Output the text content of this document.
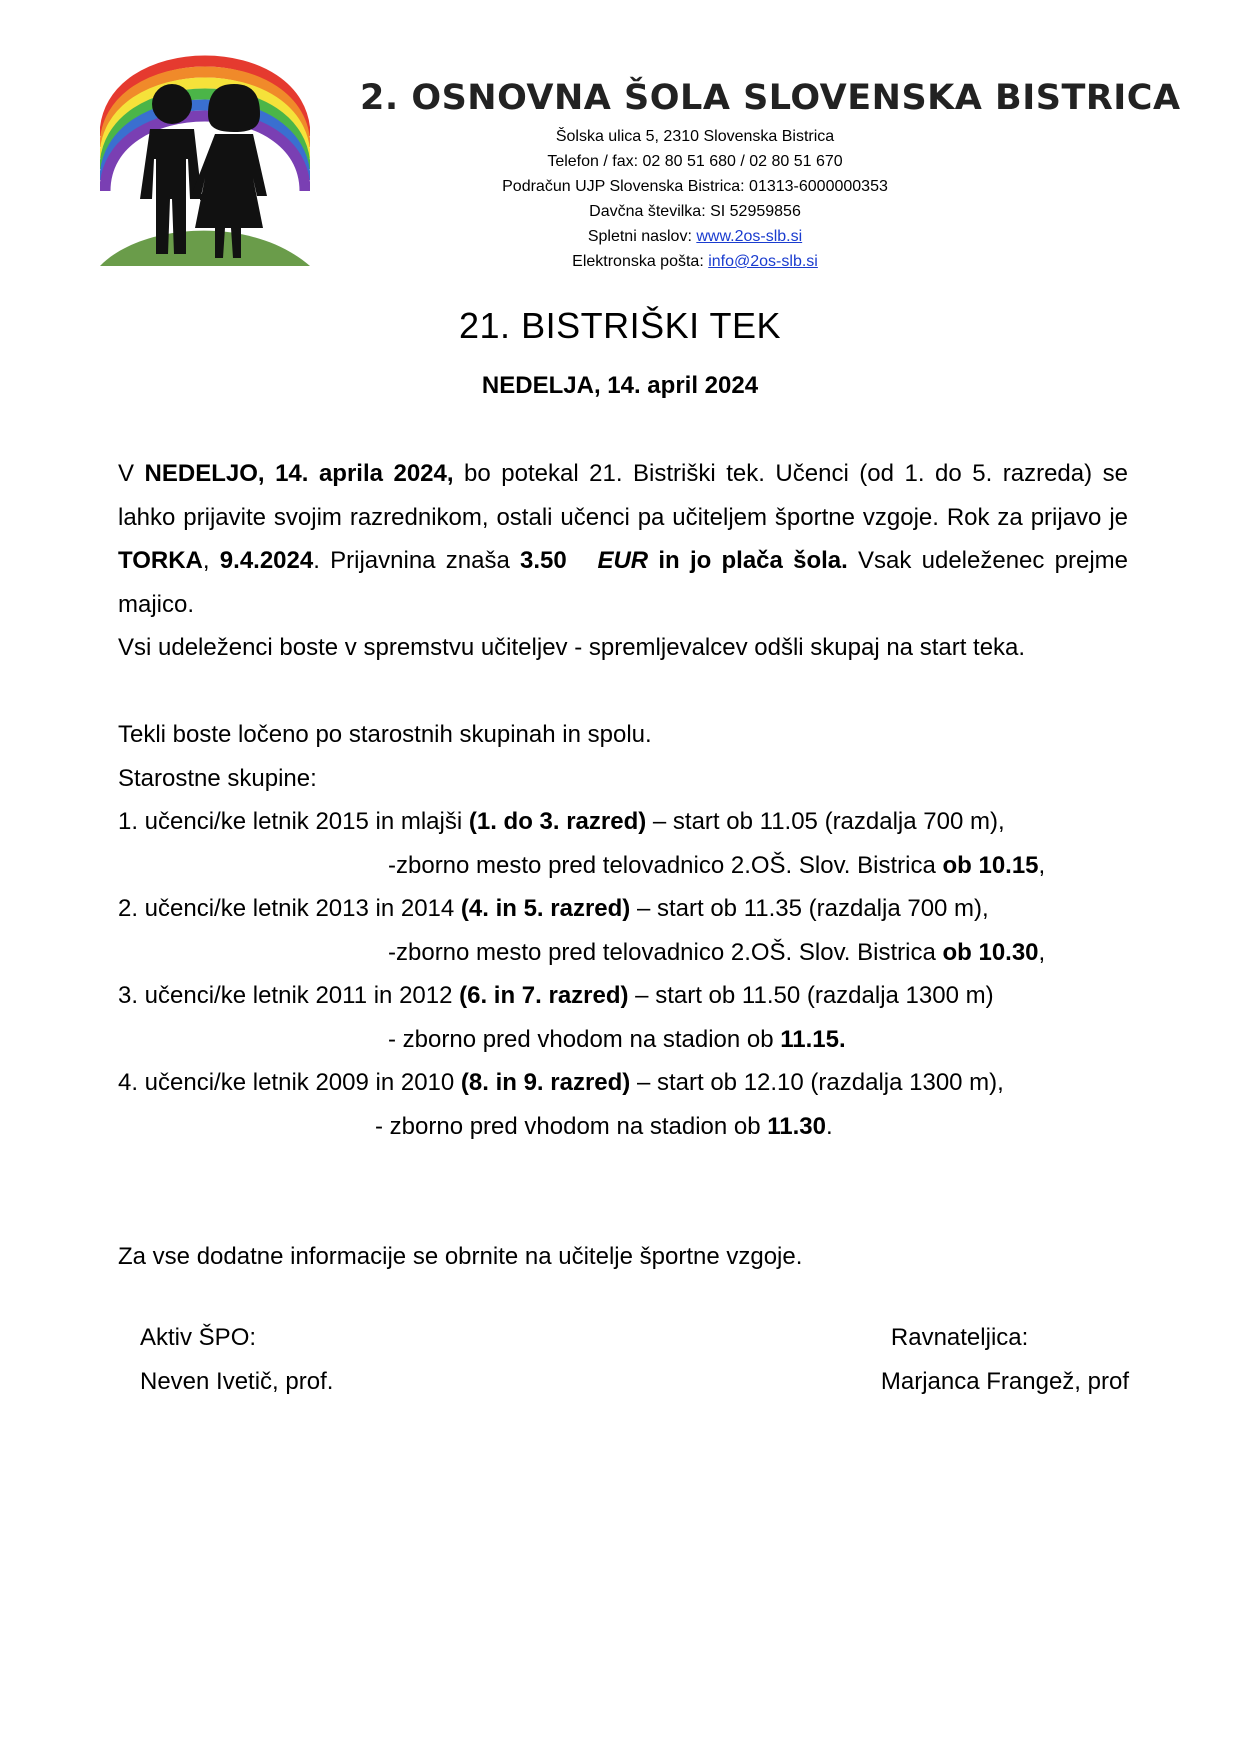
2. OSNOVNA ŠOLA SLOVENSKA BISTRICA
Šolska ulica 5, 2310 Slovenska Bistrica
Telefon / fax: 02 80 51 680 / 02 80 51 670
Podračun UJP Slovenska Bistrica: 01313-6000000353
Davčna številka: SI 52959856
Spletni naslov: www.2os-slb.si
Elektronska pošta: info@2os-slb.si
21. BISTRIŠKI TEK
NEDELJA, 14. april 2024

V NEDELJO, 14. aprila 2024, bo potekal 21. Bistriški tek. Učenci (od 1. do 5. razreda) se lahko prijavite svojim razrednikom, ostali učenci pa učiteljem športne vzgoje. Rok za prijavo je TORKA, 9.4.2024. Prijavnina znaša 3.50 EUR in jo plača šola. Vsak udeleženec prejme majico.

Vsi udeleženci boste v spremstvu učiteljev - spremljevalcev odšli skupaj na start teka.

Tekli boste ločeno po starostnih skupinah in spolu.

Starostne skupine:

1. učenci/ke letnik 2015 in mlajši (1. do 3. razred) – start ob 11.05 (razdalja 700 m),

-zborno mesto pred telovadnico 2.OŠ. Slov. Bistrica ob 10.15,

2. učenci/ke letnik 2013 in 2014 (4. in 5. razred) – start ob 11.35 (razdalja 700 m),

-zborno mesto pred telovadnico 2.OŠ. Slov. Bistrica ob 10.30,

3. učenci/ke letnik 2011 in 2012 (6. in 7. razred) – start ob 11.50 (razdalja 1300 m)

- zborno pred vhodom na stadion ob 11.15.

4. učenci/ke letnik 2009 in 2010 (8. in 9. razred) – start ob 12.10 (razdalja 1300 m),

- zborno pred vhodom na stadion ob 11.30.

Za vse dodatne informacije se obrnite na učitelje športne vzgoje.

Aktiv ŠPO:
Neven Ivetič, prof.
Ravnateljica:
Marjanca Frangež, prof
